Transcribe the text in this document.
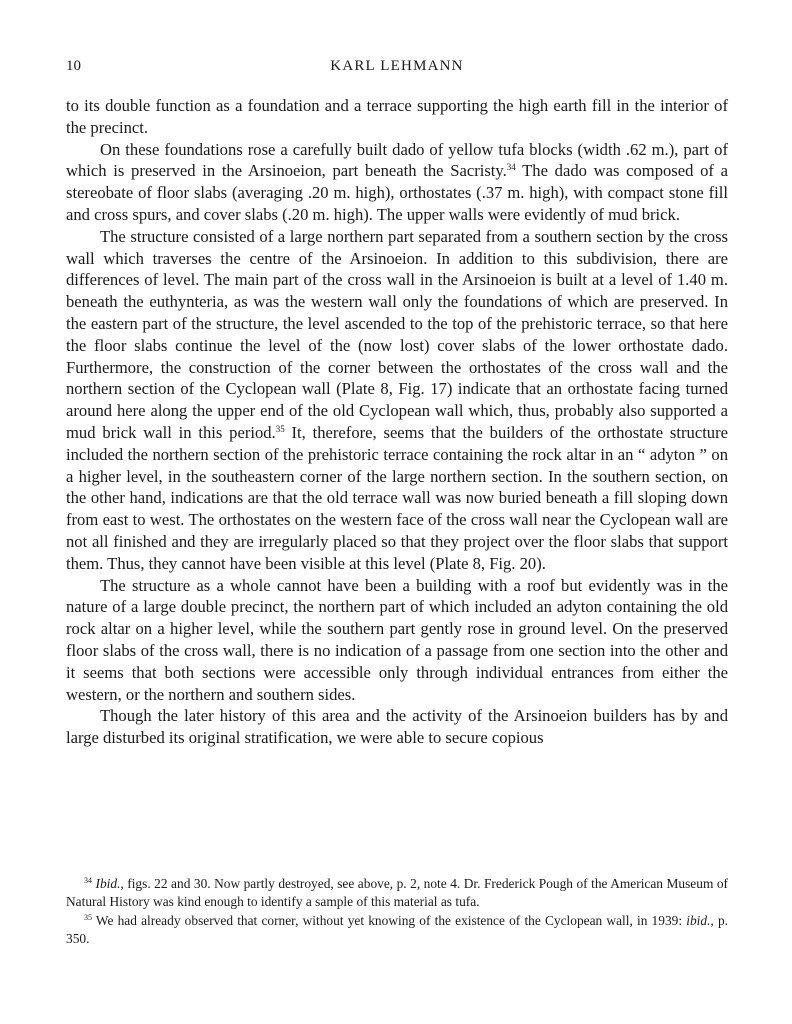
10	KARL LEHMANN

to its double function as a foundation and a terrace supporting the high earth fill in the interior of the precinct.

On these foundations rose a carefully built dado of yellow tufa blocks (width .62 m.), part of which is preserved in the Arsinoeion, part beneath the Sacristy.$^{34}$ The dado was composed of a stereobate of floor slabs (averaging .20 m. high), orthostates (.37 m. high), with compact stone fill and cross spurs, and cover slabs (.20 m. high). The upper walls were evidently of mud brick.

The structure consisted of a large northern part separated from a southern section by the cross wall which traverses the centre of the Arsinoeion. In addition to this subdivision, there are differences of level. The main part of the cross wall in the Arsinoeion is built at a level of 1.40 m. beneath the euthynteria, as was the western wall only the foundations of which are preserved. In the eastern part of the structure, the level ascended to the top of the prehistoric terrace, so that here the floor slabs continue the level of the (now lost) cover slabs of the lower orthostate dado. Furthermore, the construction of the corner between the orthostates of the cross wall and the northern section of the Cyclopean wall (Plate 8, Fig. 17) indicate that an orthostate facing turned around here along the upper end of the old Cyclopean wall which, thus, probably also supported a mud brick wall in this period.$^{35}$ It, therefore, seems that the builders of the orthostate structure included the northern section of the prehistoric terrace containing the rock altar in an “ adyton ” on a higher level, in the southeastern corner of the large northern section. In the southern section, on the other hand, indications are that the old terrace wall was now buried beneath a fill sloping down from east to west. The orthostates on the western face of the cross wall near the Cyclopean wall are not all finished and they are irregularly placed so that they project over the floor slabs that support them. Thus, they cannot have been visible at this level (Plate 8, Fig. 20).

The structure as a whole cannot have been a building with a roof but evidently was in the nature of a large double precinct, the northern part of which included an adyton containing the old rock altar on a higher level, while the southern part gently rose in ground level. On the preserved floor slabs of the cross wall, there is no indication of a passage from one section into the other and it seems that both sections were accessible only through individual entrances from either the western, or the northern and southern sides.

Though the later history of this area and the activity of the Arsinoeion builders has by and large disturbed its original stratification, we were able to secure copious

$^{34}$ Ibid., figs. 22 and 30. Now partly destroyed, see above, p. 2, note 4. Dr. Frederick Pough of the American Museum of Natural History was kind enough to identify a sample of this material as tufa.

$^{35}$ We had already observed that corner, without yet knowing of the existence of the Cyclopean wall, in 1939: ibid., p. 350.
